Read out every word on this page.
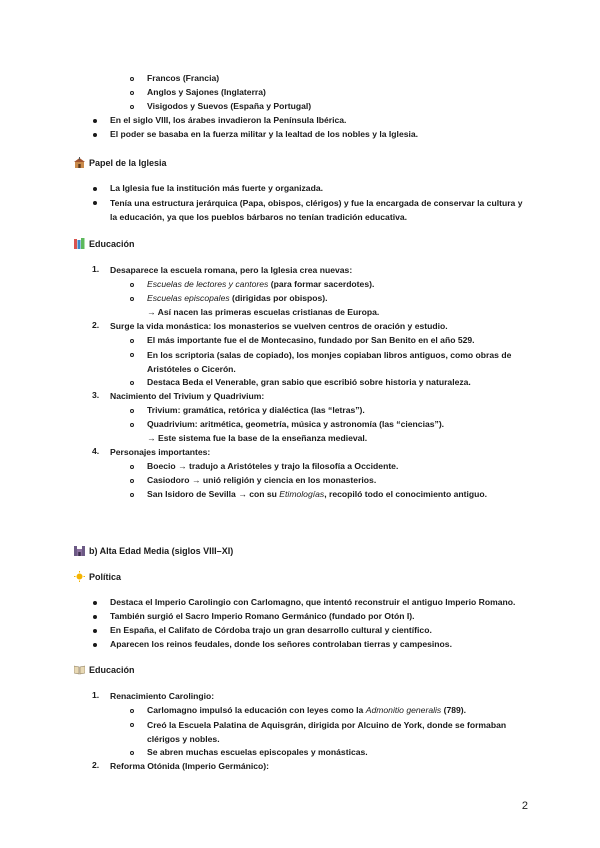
Francos (Francia)
Anglos y Sajones (Inglaterra)
Visigodos y Suevos (España y Portugal)
En el siglo VIII, los árabes invadieron la Península Ibérica.
El poder se basaba en la fuerza militar y la lealtad de los nobles y la Iglesia.
Papel de la Iglesia
La Iglesia fue la institución más fuerte y organizada.
Tenía una estructura jerárquica (Papa, obispos, clérigos) y fue la encargada de conservar la cultura y la educación, ya que los pueblos bárbaros no tenían tradición educativa.
Educación
1. Desaparece la escuela romana, pero la Iglesia crea nuevas:
Escuelas de lectores y cantores (para formar sacerdotes).
Escuelas episcopales (dirigidas por obispos).
→ Así nacen las primeras escuelas cristianas de Europa.
2. Surge la vida monástica: los monasterios se vuelven centros de oración y estudio.
El más importante fue el de Montecasino, fundado por San Benito en el año 529.
En los scriptoria (salas de copiado), los monjes copiaban libros antiguos, como obras de Aristóteles o Cicerón.
Destaca Beda el Venerable, gran sabio que escribió sobre historia y naturaleza.
3. Nacimiento del Trivium y Quadrivium:
Trivium: gramática, retórica y dialéctica (las “letras”).
Quadrivium: aritmética, geometría, música y astronomía (las “ciencias”).
→ Este sistema fue la base de la enseñanza medieval.
4. Personajes importantes:
Boecio → tradujo a Aristóteles y trajo la filosofía a Occidente.
Casiodoro → unió religión y ciencia en los monasterios.
San Isidoro de Sevilla → con su Etimologías, recopiló todo el conocimiento antiguo.
b) Alta Edad Media (siglos VIII–XI)
Política
Destaca el Imperio Carolingio con Carlomagno, que intentó reconstruir el antiguo Imperio Romano.
También surgió el Sacro Imperio Romano Germánico (fundado por Otón I).
En España, el Califato de Córdoba trajo un gran desarrollo cultural y científico.
Aparecen los reinos feudales, donde los señores controlaban tierras y campesinos.
Educación
1. Renacimiento Carolingio:
Carlomagno impulsó la educación con leyes como la Admonitio generalis (789).
Creó la Escuela Palatina de Aquisgrán, dirigida por Alcuino de York, donde se formaban clérigos y nobles.
Se abren muchas escuelas episcopales y monásticas.
2. Reforma Otónida (Imperio Germánico):
2
